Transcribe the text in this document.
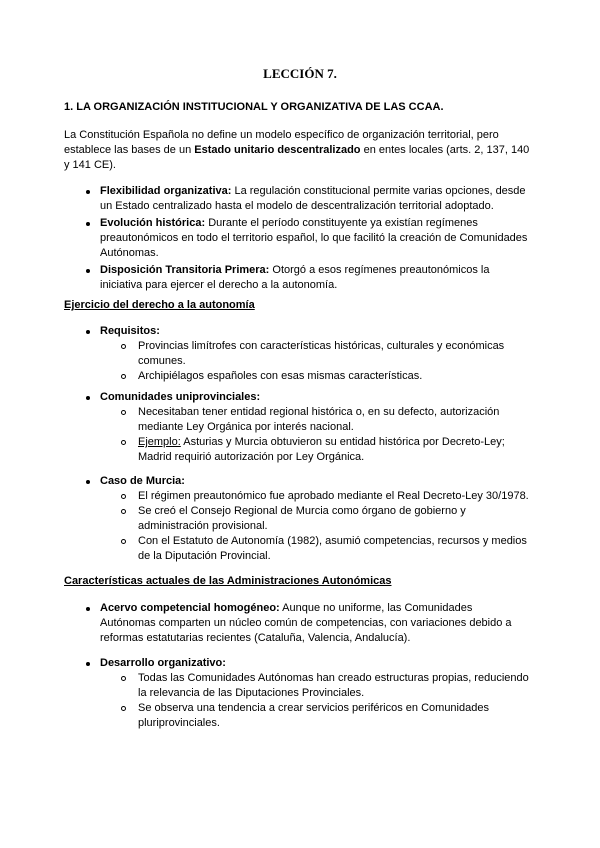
LECCIÓN 7.
1. LA ORGANIZACIÓN INSTITUCIONAL Y ORGANIZATIVA DE LAS CCAA.
La Constitución Española no define un modelo específico de organización territorial, pero establece las bases de un Estado unitario descentralizado en entes locales (arts. 2, 137, 140 y 141 CE).
Flexibilidad organizativa: La regulación constitucional permite varias opciones, desde un Estado centralizado hasta el modelo de descentralización territorial adoptado.
Evolución histórica: Durante el período constituyente ya existían regímenes preautonómicos en todo el territorio español, lo que facilitó la creación de Comunidades Autónomas.
Disposición Transitoria Primera: Otorgó a esos regímenes preautonómicos la iniciativa para ejercer el derecho a la autonomía.
Ejercicio del derecho a la autonomía
Requisitos:
Provincias limítrofes con características históricas, culturales y económicas comunes.
Archipiélagos españoles con esas mismas características.
Comunidades uniprovinciales:
Necesitaban tener entidad regional histórica o, en su defecto, autorización mediante Ley Orgánica por interés nacional.
Ejemplo: Asturias y Murcia obtuvieron su entidad histórica por Decreto-Ley; Madrid requirió autorización por Ley Orgánica.
Caso de Murcia:
El régimen preautonómico fue aprobado mediante el Real Decreto-Ley 30/1978.
Se creó el Consejo Regional de Murcia como órgano de gobierno y administración provisional.
Con el Estatuto de Autonomía (1982), asumió competencias, recursos y medios de la Diputación Provincial.
Características actuales de las Administraciones Autonómicas
Acervo competencial homogéneo: Aunque no uniforme, las Comunidades Autónomas comparten un núcleo común de competencias, con variaciones debido a reformas estatutarias recientes (Cataluña, Valencia, Andalucía).
Desarrollo organizativo:
Todas las Comunidades Autónomas han creado estructuras propias, reduciendo la relevancia de las Diputaciones Provinciales.
Se observa una tendencia a crear servicios periféricos en Comunidades pluriprovinciales.
